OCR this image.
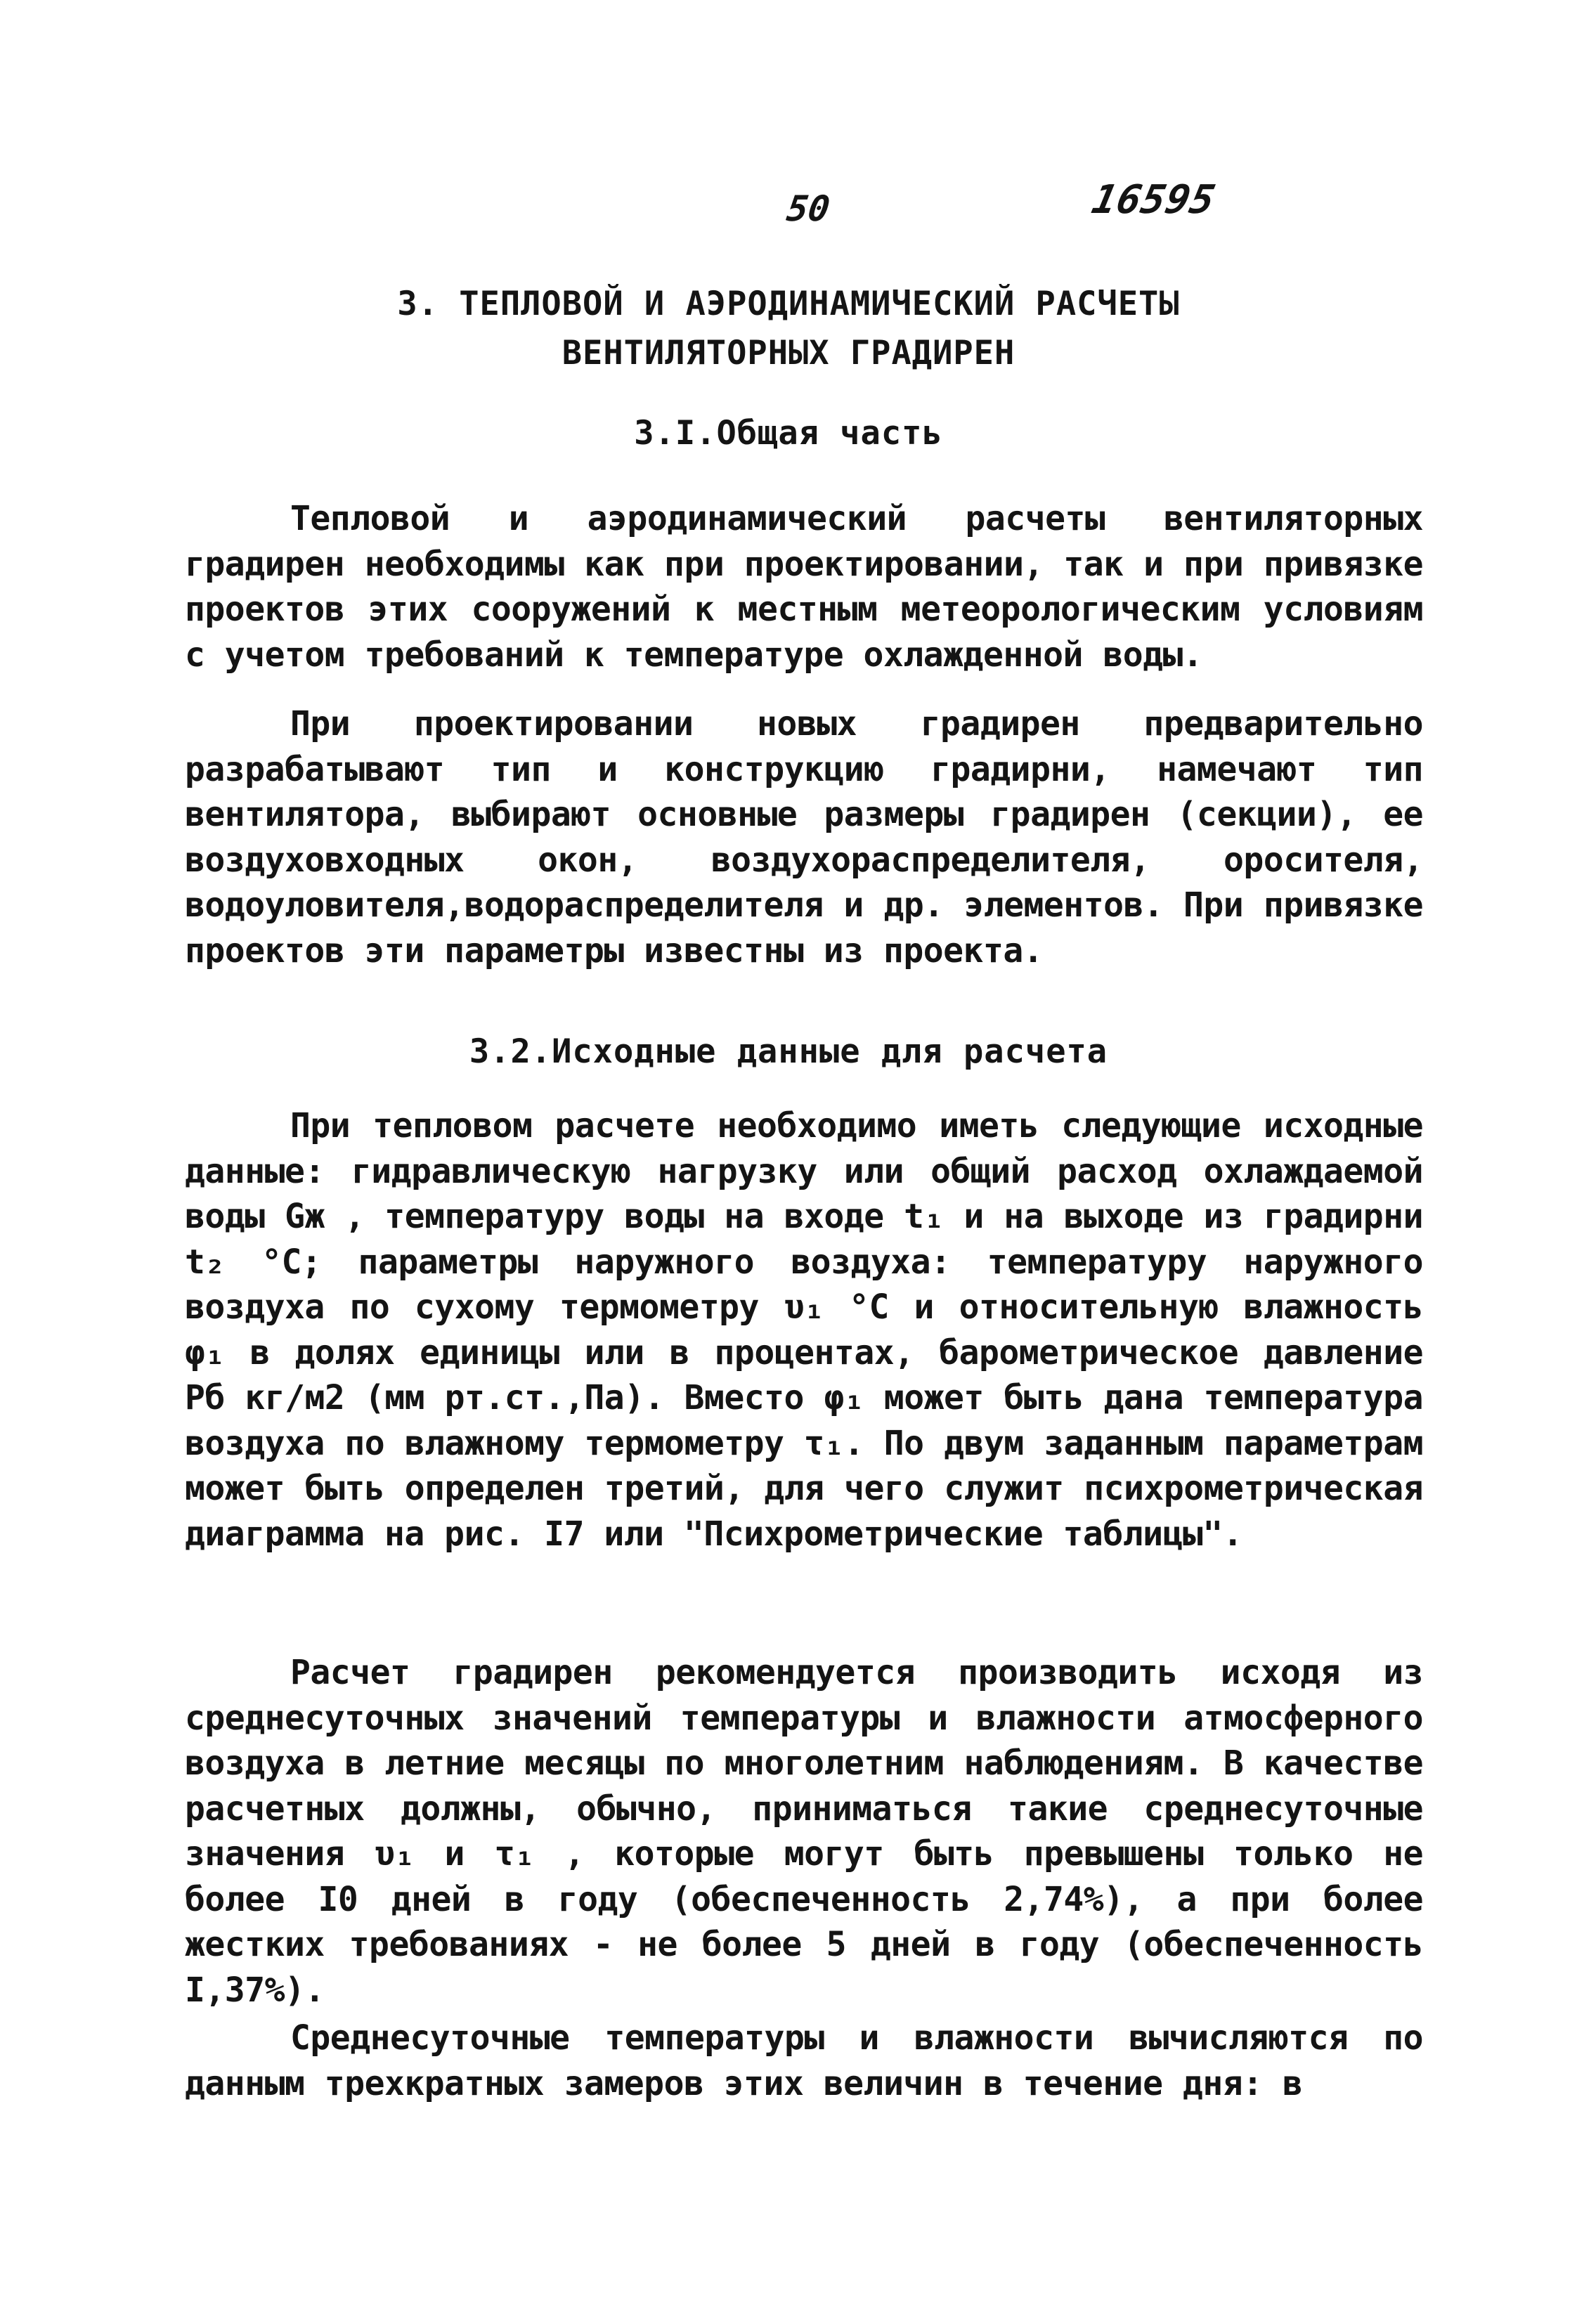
50	16595
3. ТЕПЛОВОЙ И АЭРОДИНАМИЧЕСКИЙ РАСЧЕТЫ
ВЕНТИЛЯТОРНЫХ ГРАДИРЕН
3.I.Общая часть
Тепловой и аэродинамический расчеты вентиляторных градирен необходимы как при проектировании, так и при привязке проектов этих сооружений к местным метеорологическим условиям с учетом требований к температуре охлажденной воды.
При проектировании новых градирен предварительно разрабатывают тип и конструкцию градирни, намечают тип вентилятора, выбирают основные размеры градирен (секции), ее воздуховходных окон, воздухораспределителя, оросителя, водоуловителя,водораспределителя и др. элементов. При привязке проектов эти параметры известны из проекта.
3.2.Исходные данные для расчета
При тепловом расчете необходимо иметь следующие исходные данные: гидравлическую нагрузку или общий расход охлаждаемой воды Gж , температуру воды на входе t₁ и на выходе из градирни t₂ °С; параметры наружного воздуха: температуру наружного воздуха по сухому термометру υ₁ °С и относительную влажность φ₁ в долях единицы или в процентах, барометрическое давление Рб кг/м2 (мм рт.ст.,Па). Вместо φ₁ может быть дана температура воздуха по влажному термометру τ₁. По двум заданным параметрам может быть определен третий, для чего служит психрометрическая диаграмма на рис. I7 или "Психрометрические таблицы".
Расчет градирен рекомендуется производить исходя из среднесуточных значений температуры и влажности атмосферного воздуха в летние месяцы по многолетним наблюдениям. В качестве расчетных должны, обычно, приниматься такие среднесуточные значения υ₁ и τ₁ , которые могут быть превышены только не более I0 дней в году (обеспеченность 2,74%), а при более жестких требованиях - не более 5 дней в году (обеспеченность I,37%).
Среднесуточные температуры и влажности вычисляются по данным трехкратных замеров этих величин в течение дня: в
